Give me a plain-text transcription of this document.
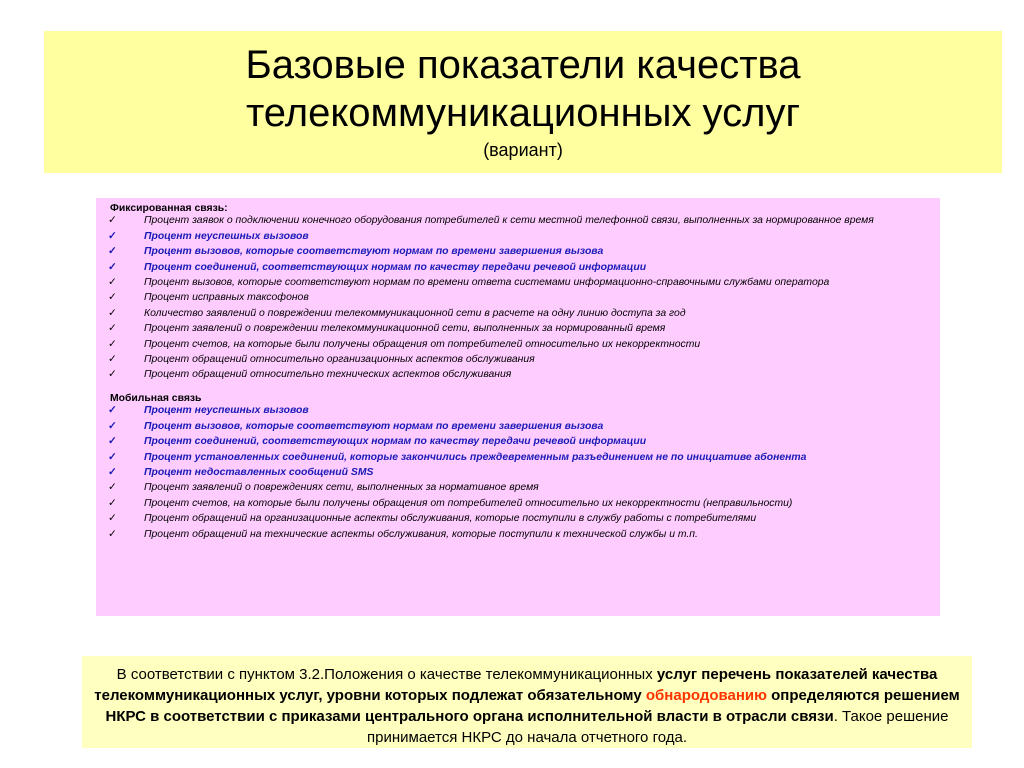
Базовые показатели качества
телекоммуникационных услуг
(вариант)
Фиксированная связь:
✓	Процент заявок о подключении конечного оборудования потребителей к сети местной телефонной связи, выполненных за нормированное время
✓	Процент неуспешных вызовов
✓	Процент вызовов, которые соответствуют нормам по времени завершения вызова
✓	Процент соединений, соответствующих нормам по качеству передачи речевой информации
✓	Процент вызовов, которые соответствуют нормам по времени ответа системами информационно-справочными службами оператора
✓	Процент исправных таксофонов
✓	Количество заявлений о повреждении телекоммуникационной сети в расчете на одну линию доступа за год
✓	Процент заявлений о повреждении телекоммуникационной сети, выполненных за нормированный время
✓	Процент счетов, на которые были получены обращения от потребителей относительно их некорректности
✓	Процент обращений относительно организационных аспектов обслуживания
✓	Процент обращений относительно технических аспектов обслуживания
Мобильная связь
✓	Процент неуспешных вызовов
✓	Процент вызовов, которые соответствуют нормам по времени завершения вызова
✓	Процент соединений, соответствующих нормам по качеству передачи речевой информации
✓	Процент установленных соединений, которые закончились преждевременным разъединением не по инициативе абонента
✓	Процент недоставленных сообщений SMS
✓	Процент заявлений о повреждениях сети, выполненных за нормативное время
✓	Процент счетов, на которые были получены обращения от потребителей относительно их некорректности (неправильности)
✓	Процент обращений на организационные аспекты обслуживания, которые поступили в службу работы с потребителями
✓	Процент обращений на технические аспекты обслуживания, которые поступили к технической службы и т.п.
В соответствии с пунктом 3.2.Положения о качестве телекоммуникационных услуг перечень показателей качества телекоммуникационных услуг, уровни которых подлежат обязательному обнародованию определяются решением НКРС в соответствии с приказами центрального органа исполнительной власти в отрасли связи. Такое решение принимается НКРС до начала отчетного года.
